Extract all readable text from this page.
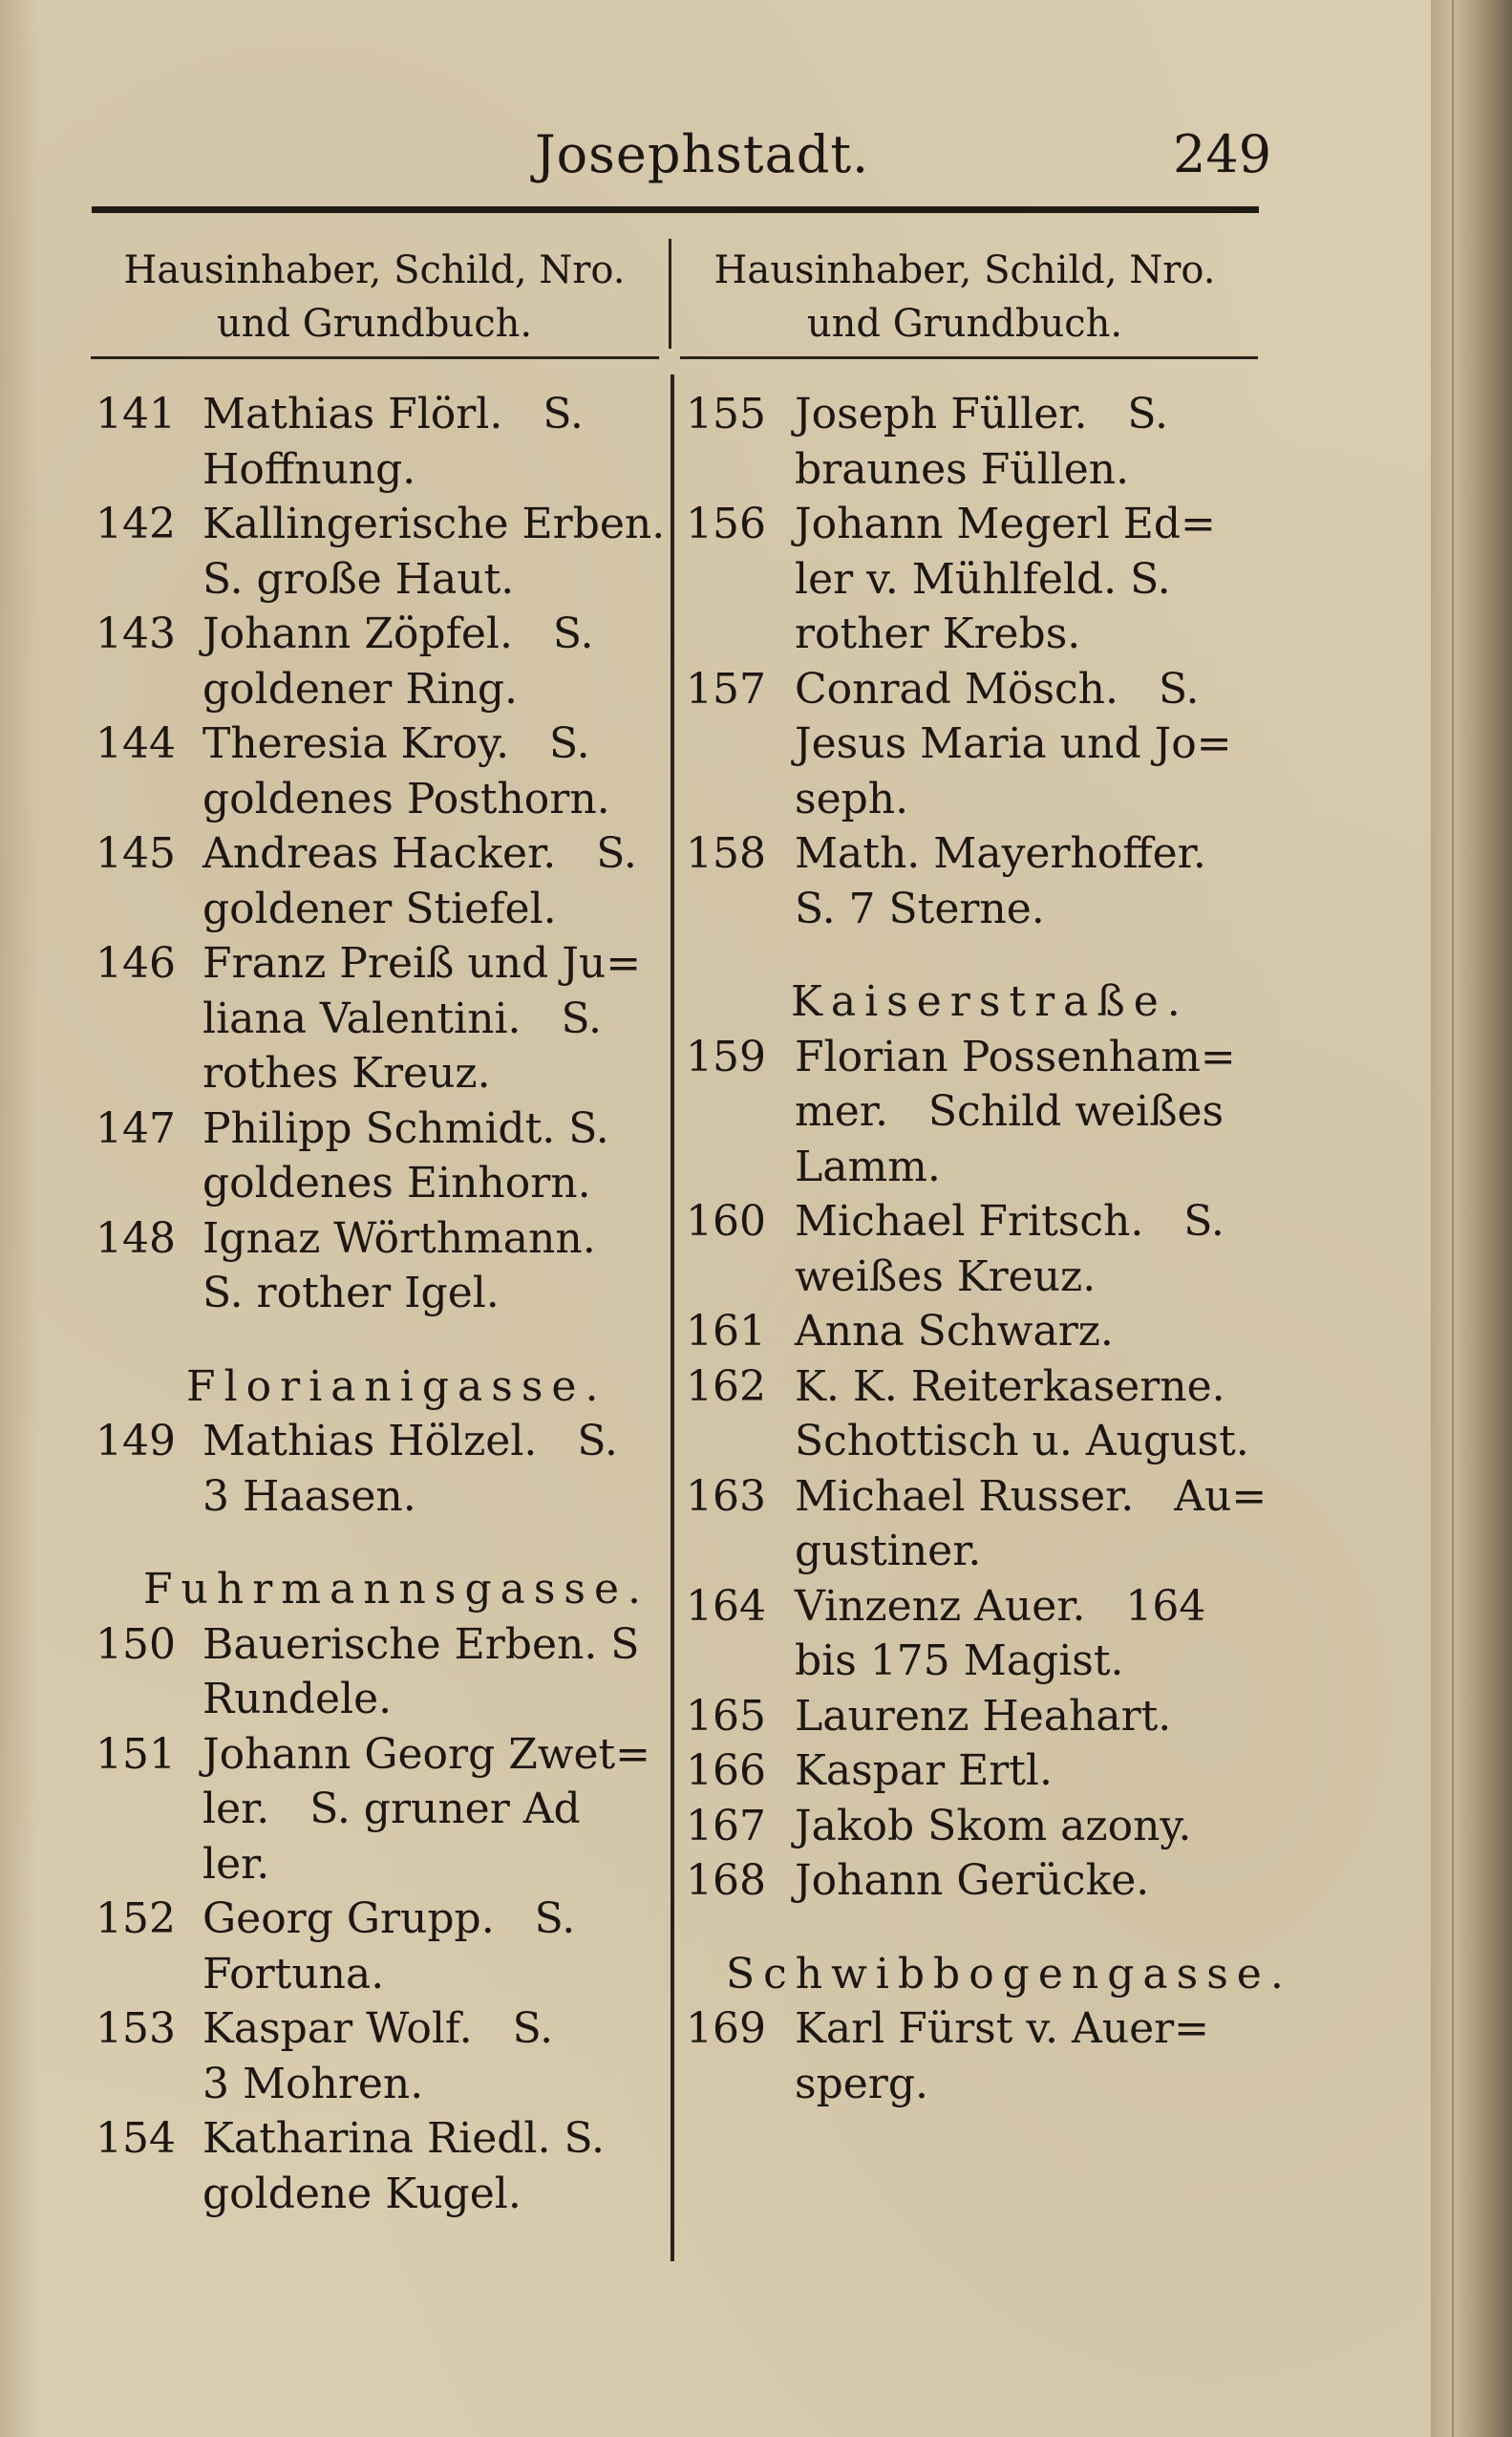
Josephstadt.	249
Hausinhaber, Schild, Nro.
und Grundbuch.
Hausinhaber, Schild, Nro.
und Grundbuch.
141 Mathias Flörl.   S.
Hoffnung.
142 Kallingerische Erben.
S. große Haut.
143 Johann Zöpfel.   S.
goldener Ring.
144 Theresia Kroy.   S.
goldenes Posthorn.
145 Andreas Hacker.   S.
goldener Stiefel.
146 Franz Preiß und Ju=
liana Valentini.   S.
rothes Kreuz.
147 Philipp Schmidt. S.
goldenes Einhorn.
148 Ignaz Wörthmann.
S. rother Igel.
Florianigasse.
149 Mathias Hölzel.   S.
3 Haasen.
Fuhrmannsgasse.
150 Bauerische Erben. S
Rundele.
151 Johann Georg Zwet=
ler.   S. gruner Ad
ler.
152 Georg Grupp.   S.
Fortuna.
153 Kaspar Wolf.   S.
3 Mohren.
154 Katharina Riedl. S.
goldene Kugel.
155 Joseph Füller.   S.
braunes Füllen.
156 Johann Megerl Ed=
ler v. Mühlfeld. S.
rother Krebs.
157 Conrad Mösch.   S.
Jesus Maria und Jo=
seph.
158 Math. Mayerhoffer.
S. 7 Sterne.
Kaiserstraße.
159 Florian Possenham=
mer.   Schild weißes
Lamm.
160 Michael Fritsch.   S.
weißes Kreuz.
161 Anna Schwarz.
162 K. K. Reiterkaserne.
Schottisch u. August.
163 Michael Russer.   Au=
gustiner.
164 Vinzenz Auer.   164
bis 175 Magist.
165 Laurenz Heahart.
166 Kaspar Ertl.
167 Jakob Skom azony.
168 Johann Gerücke.
Schwibbogengasse.
169 Karl Fürst v. Auer=
sperg.
